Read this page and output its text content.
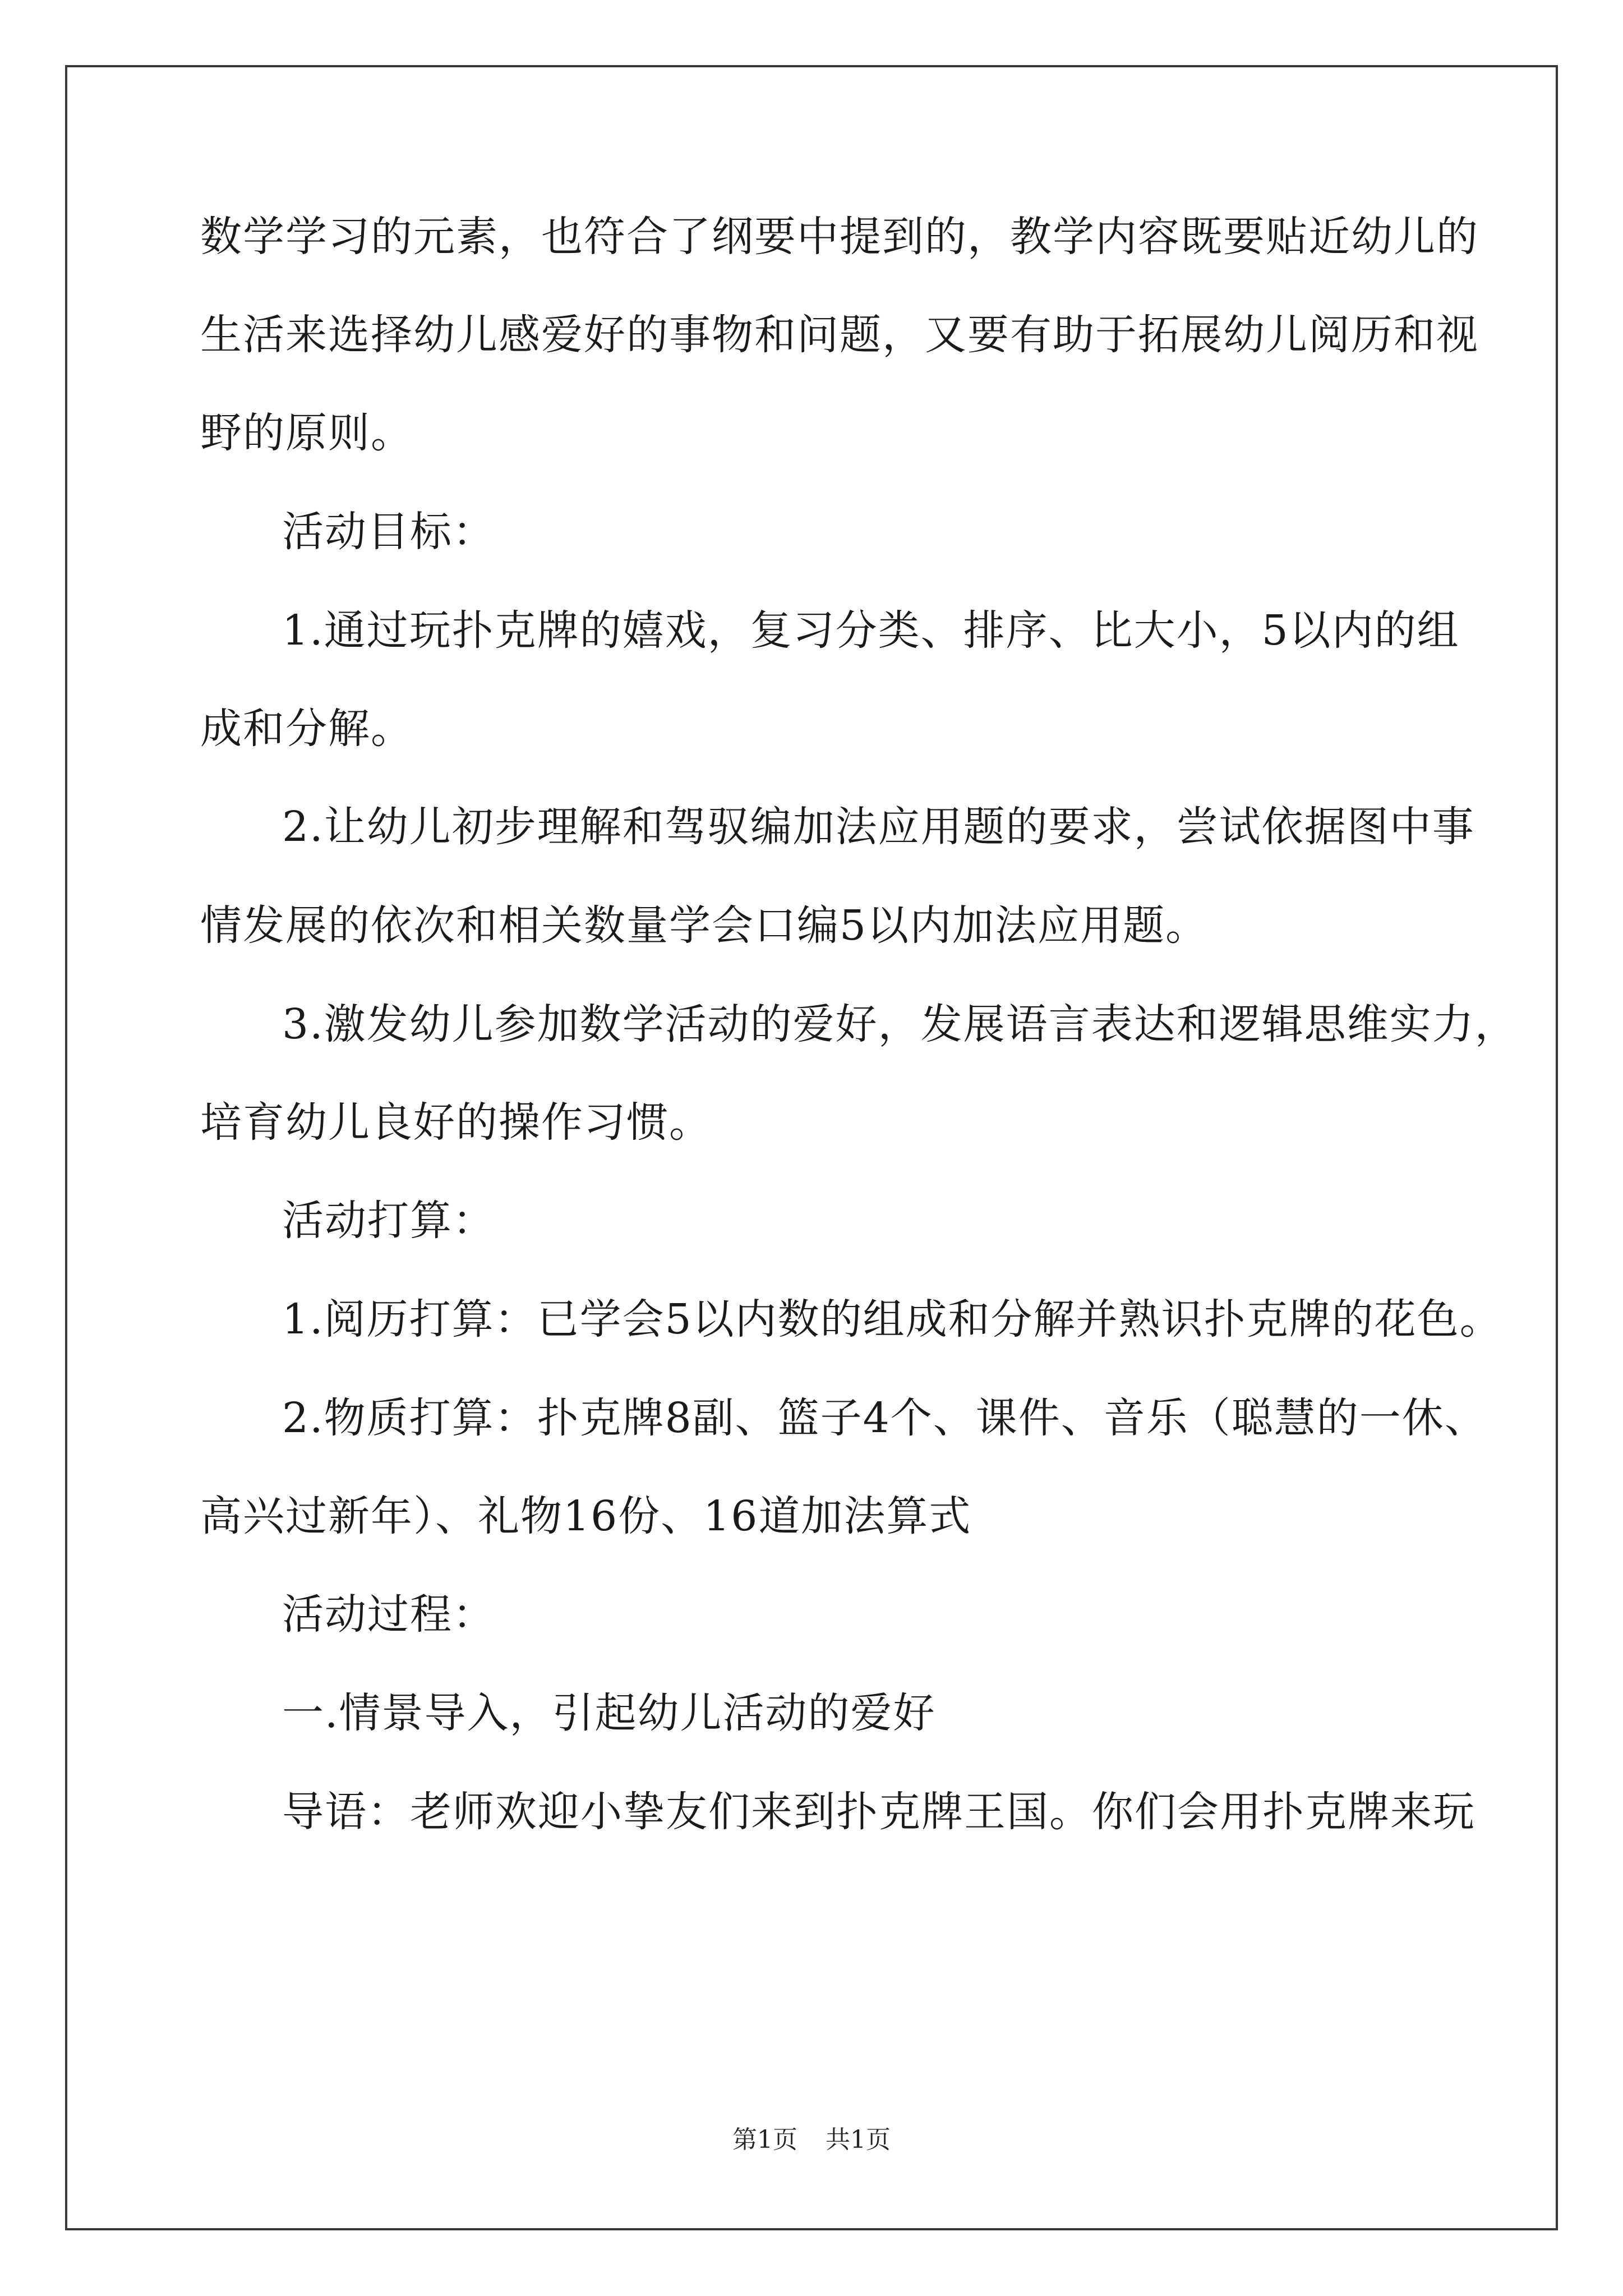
数学学习的元素，也符合了纲要中提到的，教学内容既要贴近幼儿的
生活来选择幼儿感爱好的事物和问题，又要有助于拓展幼儿阅历和视
野的原则。
活动目标：
1.通过玩扑克牌的嬉戏，复习分类、排序、比大小，5以内的组
成和分解。
2.让幼儿初步理解和驾驭编加法应用题的要求，尝试依据图中事
情发展的依次和相关数量学会口编5以内加法应用题。
3.激发幼儿参加数学活动的爱好，发展语言表达和逻辑思维实力，
培育幼儿良好的操作习惯。
活动打算：
1.阅历打算：已学会5以内数的组成和分解并熟识扑克牌的花色。
2.物质打算：扑克牌8副、篮子4个、课件、音乐（聪慧的一休、
高兴过新年）、礼物16份、16道加法算式
活动过程：
一.情景导入，引起幼儿活动的爱好
导语：老师欢迎小挚友们来到扑克牌王国。你们会用扑克牌来玩
第1页 共1页
